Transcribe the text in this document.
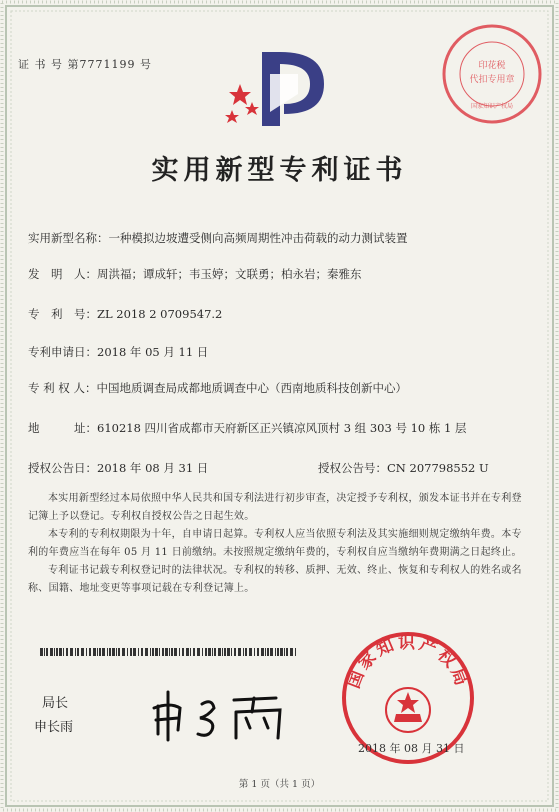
证 书 号 第7771199 号	印花税
代扣专用章
国家知识产权局
实用新型专利证书
实用新型名称：一种模拟边坡遭受侧向高频周期性冲击荷载的动力测试装置
发　明　人：周洪福；谭成轩；韦玉婷；文联勇；柏永岩；秦雅东
专　利　号：ZL 2018 2 0709547.2
专利申请日：2018 年 05 月 11 日
专 利 权 人： 中国地质调查局成都地质调查中心（西南地质科技创新中心）
地　　　址： 610218 四川省成都市天府新区正兴镇凉风顶村 3 组 303 号 10 栋 1 层
授权公告日：2018 年 08 月 31 日	授权公告号：CN 207798552 U

本实用新型经过本局依照中华人民共和国专利法进行初步审查，决定授予专利权，颁发本证书并在专利登记簿上予以登记。专利权自授权公告之日起生效。

本专利的专利权期限为十年，自申请日起算。专利权人应当依照专利法及其实施细则规定缴纳年费。本专利的年费应当在每年 05 月 11 日前缴纳。未按照规定缴纳年费的，专利权自应当缴纳年费期满之日起终止。

专利证书记载专利权登记时的法律状况。专利权的转移、质押、无效、终止、恢复和专利权人的姓名或名称、国籍、地址变更等事项记载在专利登记簿上。

局长
申长雨
国家知识产权局
2018 年 08 月 31 日
第 1 页（共 1 页）
